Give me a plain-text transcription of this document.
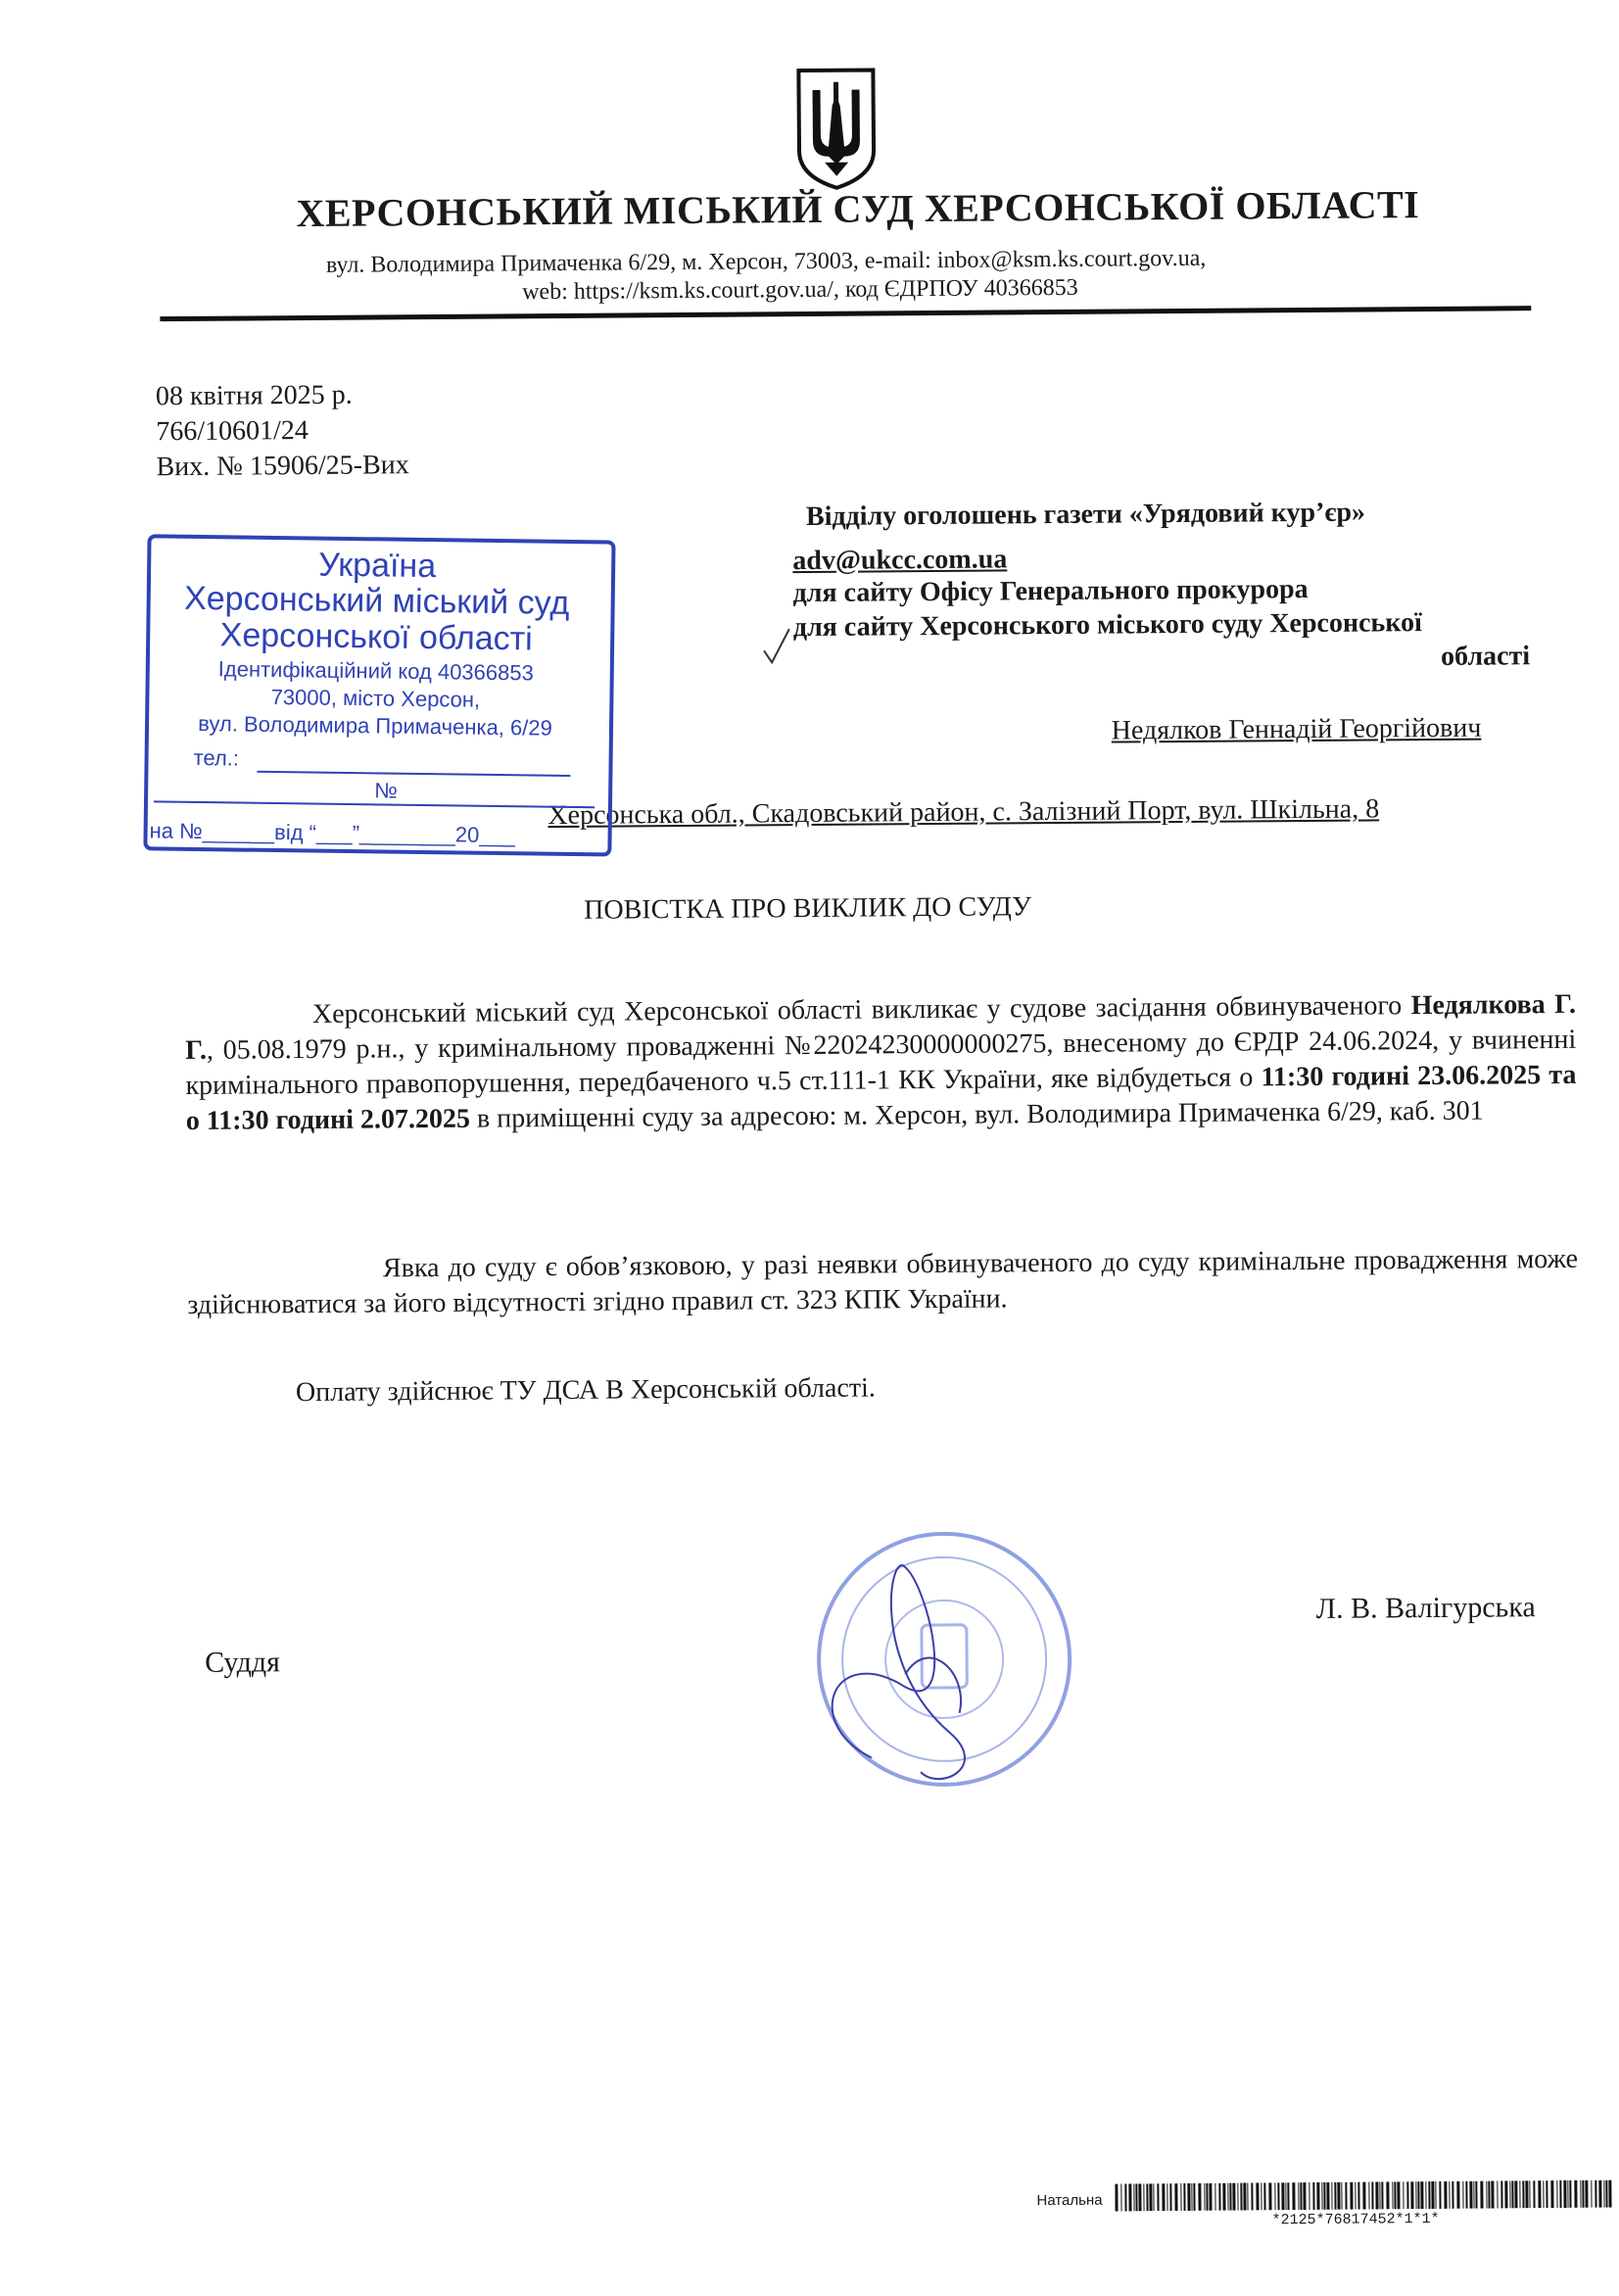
ХЕРСОНСЬКИЙ МІСЬКИЙ СУД ХЕРСОНСЬКОЇ ОБЛАСТІ
вул. Володимира Примаченка 6/29, м. Херсон, 73003, e-mail: inbox@ksm.ks.court.gov.ua,
web: https://ksm.ks.court.gov.ua/, код ЄДРПОУ 40366853
08 квітня 2025 р.
766/10601/24
Вих. № 15906/25-Вих
Відділу оголошень газети «Урядовий кур’єр»
adv@ukcc.com.ua
для сайту Офісу Генерального прокурора
для сайту Херсонського міського суду Херсонської
області
Недялков Геннадій Георгійович
Херсонська обл., Скадовський район, с. Залізний Порт, вул. Шкільна, 8
Україна
Херсонський міський суд
Херсонської області
Ідентифікаційний код 40366853
73000, місто Херсон,
вул. Володимира Примаченка, 6/29
тел.:
№
на №______від “___”________20___
ПОВІСТКА ПРО ВИКЛИК ДО СУДУ
Херсонський міський суд Херсонської області викликає у судове засідання обвинуваченого Недялкова Г. Г., 05.08.1979 р.н., у кримінальному провадженні №22024230000000275, внесеному до ЄРДР 24.06.2024, у вчиненні кримінального правопорушення, передбаченого ч.5 ст.111-1 КК України, яке відбудеться о 11:30 годині 23.06.2025 та о 11:30 годині 2.07.2025 в приміщенні суду за адресою: м. Херсон, вул. Володимира Примаченка 6/29, каб. 301
Явка до суду є обов’язковою, у разі неявки обвинуваченого до суду кримінальне провадження може здійснюватися за його відсутності згідно правил ст. 323 КПК України.
Оплату здійснює ТУ ДСА В Херсонській області.
Суддя
Л. В. Валігурська
Натальна
*2125*76817452*1*1*
